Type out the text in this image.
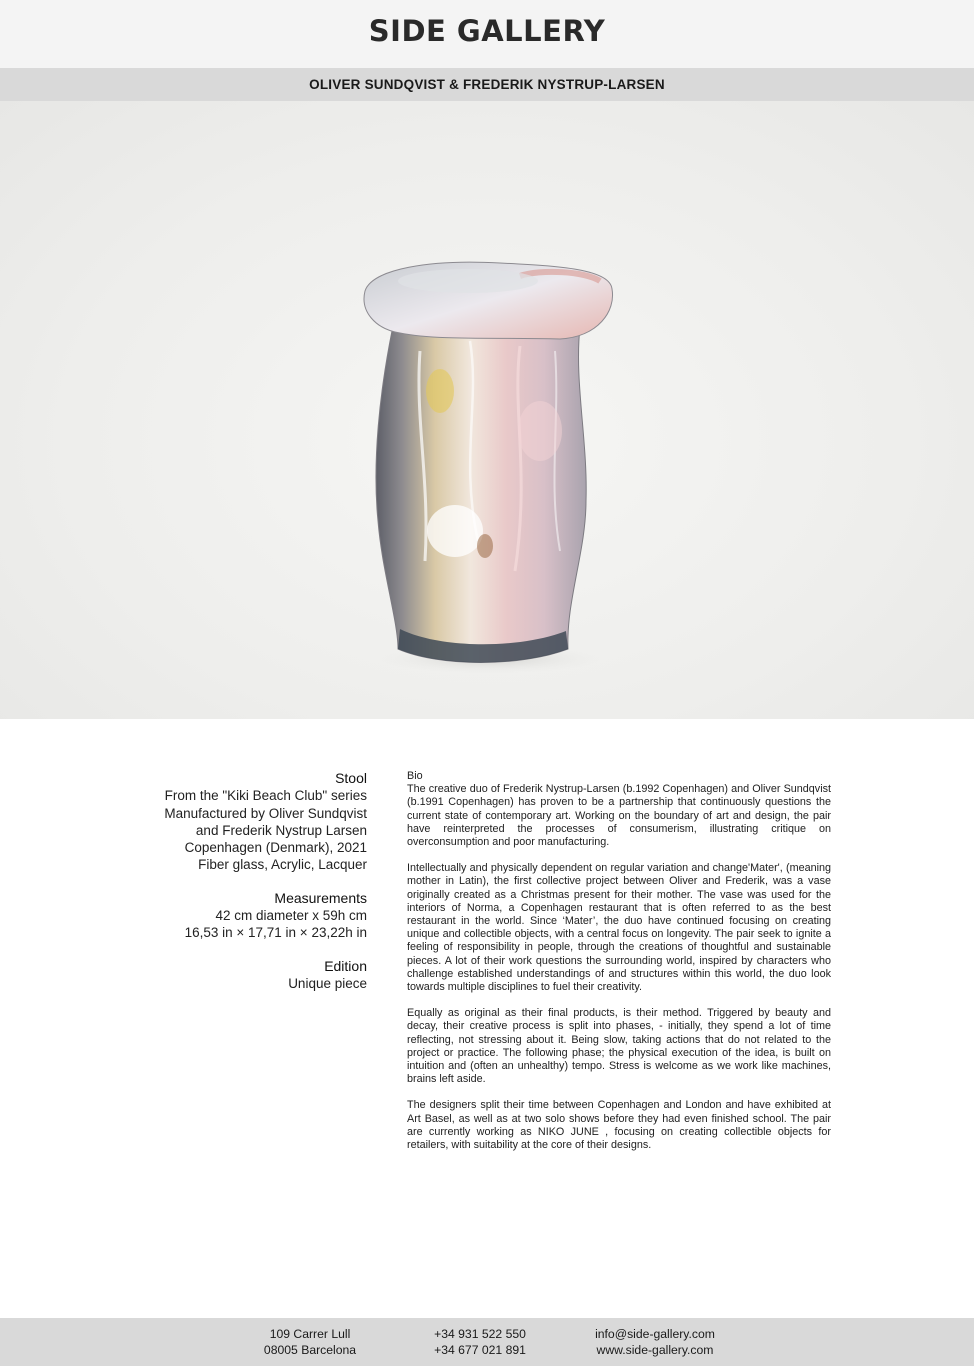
SIDE GALLERY
OLIVER SUNDQVIST & FREDERIK NYSTRUP-LARSEN
Stool
From the "Kiki Beach Club" series
Manufactured by Oliver Sundqvist
and Frederik Nystrup Larsen
Copenhagen (Denmark), 2021
Fiber glass, Acrylic, Lacquer
Measurements
42 cm diameter x 59h cm
16,53 in × 17,71 in × 23,22h in
Edition
Unique piece
Bio

The creative duo of Frederik Nystrup-Larsen (b.1992 Copenhagen) and Oliver Sundqvist (b.1991 Copenhagen) has proven to be a partnership that continuously questions the current state of contemporary art. Working on the boundary of art and design, the pair have reinterpreted the processes of consumerism, illustrating critique on overconsumption and poor manufacturing.

Intellectually and physically dependent on regular variation and change'Mater', (meaning mother in Latin), the first collective project between Oliver and Frederik, was a vase originally created as a Christmas present for their mother. The vase was used for the interiors of Norma, a Copenhagen restaurant that is often referred to as the best restaurant in the world. Since ‘Mater’, the duo have continued focusing on creating unique and collectible objects, with a central focus on longevity. The pair seek to ignite a feeling of responsibility in people, through the creations of thoughtful and sustainable pieces. A lot of their work questions the surrounding world, inspired by characters who challenge established understandings of and structures within this world, the duo look towards multiple disciplines to fuel their creativity.

Equally as original as their final products, is their method. Triggered by beauty and decay, their creative process is split into phases, - initially, they spend a lot of time reflecting, not stressing about it. Being slow, taking actions that do not related to the project or practice. The following phase; the physical execution of the idea, is built on intuition and (often an unhealthy) tempo. Stress is welcome as we work like machines, brains left aside.

The designers split their time between Copenhagen and London and have exhibited at Art Basel, as well as at two solo shows before they had even finished school. The pair are currently working as NIKO JUNE , focusing on creating collectible objects for retailers, with suitability at the core of their designs.

109 Carrer Lull
08005 Barcelona
+34 931 522 550
+34 677 021 891
info@side-gallery.com
www.side-gallery.com
